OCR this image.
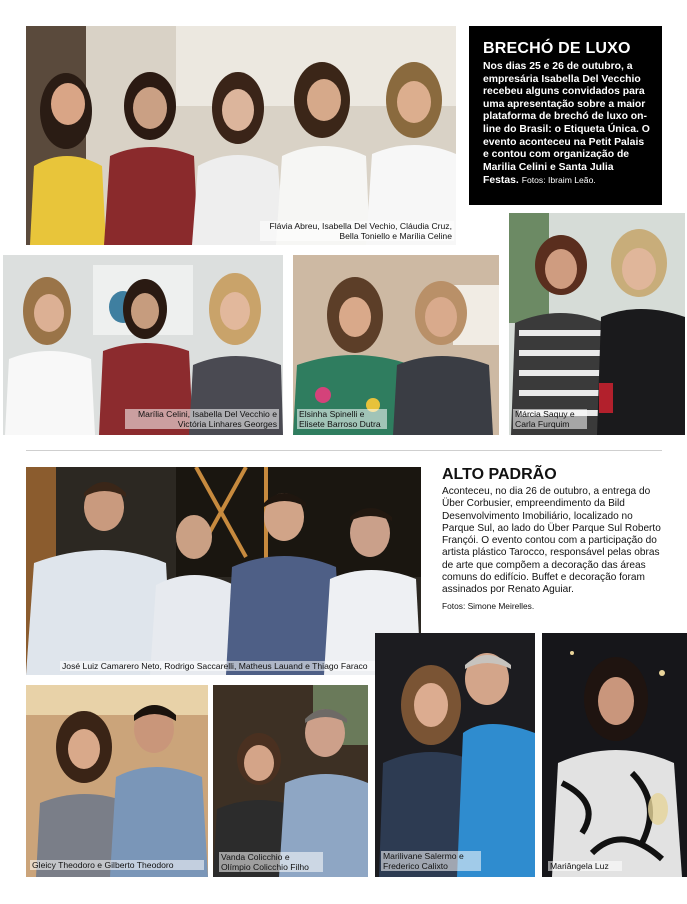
Flávia Abreu, Isabella Del Vechio, Cláudia Cruz, Bella Toniello e Marília Celine
BRECHÓ DE LUXO

Nos dias 25 e 26 de outubro, a empresária Isabella Del Vecchio recebeu alguns convidados para uma apresentação sobre a maior plataforma de brechó de luxo on-line do Brasil: o Etiqueta Única. O evento aconteceu na Petit Palais e contou com organização de Marilia Celini e Santa Julia Festas. Fotos: Ibraim Leão.

Marília Celini, Isabella Del Vecchio e Victória Linhares Georges
Elsinha Spinelli e Elisete Barroso Dutra
Márcia Saquy e Carla Furquim
José Luiz Camarero Neto, Rodrigo Saccarelli, Matheus Lauand e Thiago Faraco
ALTO PADRÃO

Aconteceu, no dia 26 de outubro, a entrega do Über Corbusier, empreendimento da Bild Desenvolvimento Imobiliário, localizado no Parque Sul, ao lado do Über Parque Sul Roberto Françói. O evento contou com a participação do artista plástico Tarocco, responsável pelas obras de arte que compõem a decoração das áreas comuns do edifício. Buffet e decoração foram assinados por Renato Aguiar.

Fotos: Simone Meirelles.

Gleicy Theodoro e Gilberto Theodoro
Vanda Colicchio e Olímpio Colicchio Filho
Marilivane Salermo e Frederico Calixto	Mariângela Luz
